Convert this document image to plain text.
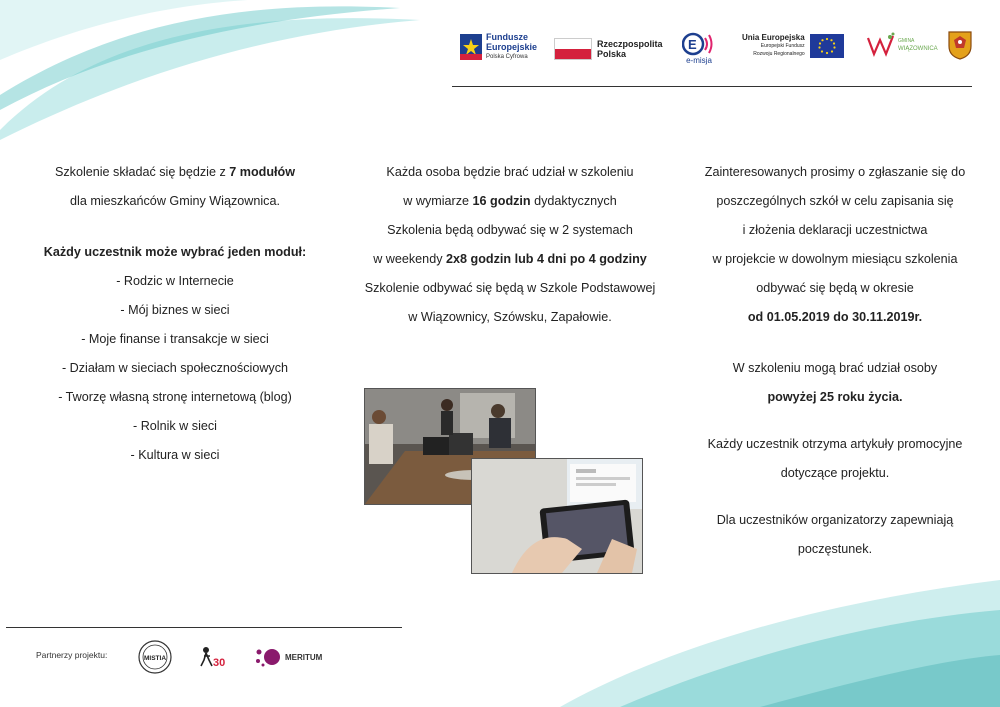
Fundusze
Europejskie
Polska Cyfrowa
Rzeczpospolita
Polska
E
e-misja
Unia Europejska
Europejski Fundusz
Rozwoju Regionalnego
GMINA
WIĄZOWNICA

Szkolenie składać się będzie z 7 modułów

dla mieszkańców Gminy Wiązownica.

Każdy uczestnik może wybrać jeden moduł:

- Rodzic w Internecie

- Mój biznes w sieci

- Moje finanse i transakcje w sieci

- Działam w sieciach społecznościowych

- Tworzę własną stronę internetową (blog)

- Rolnik w sieci

- Kultura w sieci

Każda osoba będzie brać udział w szkoleniu

w wymiarze 16 godzin dydaktycznych

Szkolenia będą odbywać się w 2 systemach

w weekendy 2x8 godzin lub 4 dni po 4 godziny

Szkolenie odbywać się będą w Szkole Podstawowej

w Wiązownicy, Szówsku, Zapałowie.

Zainteresowanych prosimy o zgłaszanie się do

poszczególnych szkół w celu zapisania się

i złożenia deklaracji uczestnictwa

w projekcie w dowolnym miesiącu szkolenia

odbywać się będą w okresie

od 01.05.2019 do 30.11.2019r.

W szkoleniu mogą brać udział osoby

powyżej 25 roku życia.

Każdy uczestnik otrzyma artykuły promocyjne

dotyczące projektu.

Dla uczestników organizatorzy zapewniają

poczęstunek.

Partnerzy projektu:	MISTIA	30	MERITUM
